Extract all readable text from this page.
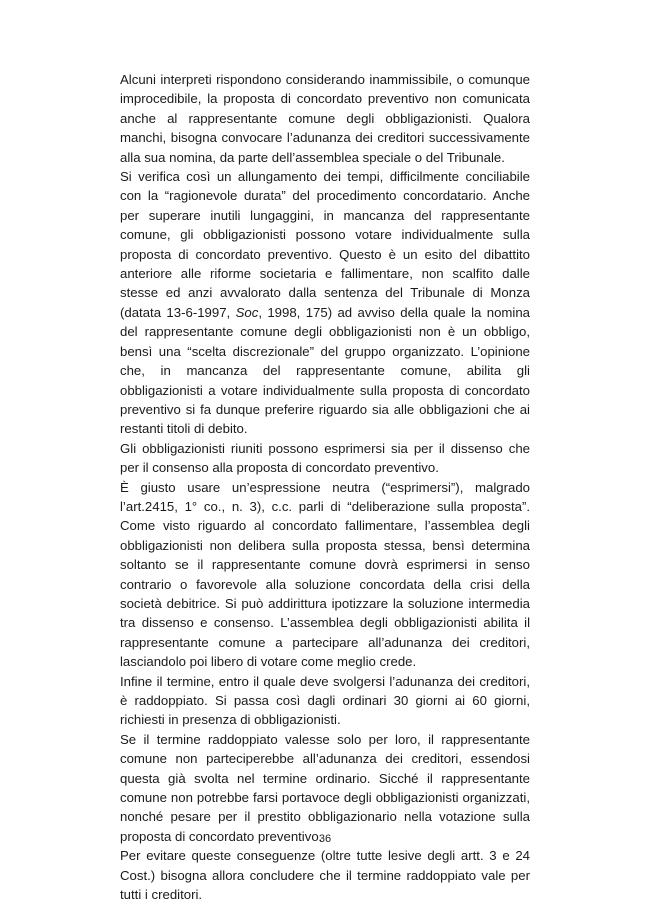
Alcuni interpreti rispondono considerando inammissibile, o comunque improcedibile, la proposta di concordato preventivo non comunicata anche al rappresentante comune degli obbligazionisti. Qualora manchi, bisogna convocare l’adunanza dei creditori successivamente alla sua nomina, da parte dell’assemblea speciale o del Tribunale.

Si verifica così un allungamento dei tempi, difficilmente conciliabile con la “ragionevole durata” del procedimento concordatario. Anche per superare inutili lungaggini, in mancanza del rappresentante comune, gli obbligazionisti possono votare individualmente sulla proposta di concordato preventivo. Questo è un esito del dibattito anteriore alle riforme societaria e fallimentare, non scalfito dalle stesse ed anzi avvalorato dalla sentenza del Tribunale di Monza (datata 13-6-1997, Soc, 1998, 175) ad avviso della quale la nomina del rappresentante comune degli obbligazionisti non è un obbligo, bensì una “scelta discrezionale” del gruppo organizzato. L’opinione che, in mancanza del rappresentante comune, abilita gli obbligazionisti a votare individualmente sulla proposta di concordato preventivo si fa dunque preferire riguardo sia alle obbligazioni che ai restanti titoli di debito.

Gli obbligazionisti riuniti possono esprimersi sia per il dissenso che per il consenso alla proposta di concordato preventivo.

È giusto usare un’espressione neutra (“esprimersi”), malgrado l’art.2415, 1° co., n. 3), c.c. parli di “deliberazione sulla proposta”. Come visto riguardo al concordato fallimentare, l’assemblea degli obbligazionisti non delibera sulla proposta stessa, bensì determina soltanto se il rappresentante comune dovrà esprimersi in senso contrario o favorevole alla soluzione concordata della crisi della società debitrice. Si può addirittura ipotizzare la soluzione intermedia tra dissenso e consenso. L’assemblea degli obbligazionisti abilita il rappresentante comune a partecipare all’adunanza dei creditori, lasciandolo poi libero di votare come meglio crede.

Infine il termine, entro il quale deve svolgersi l’adunanza dei creditori, è raddoppiato. Si passa così dagli ordinari 30 giorni ai 60 giorni, richiesti in presenza di obbligazionisti.

Se il termine raddoppiato valesse solo per loro, il rappresentante comune non parteciperebbe all’adunanza dei creditori, essendosi questa già svolta nel termine ordinario. Sicché il rappresentante comune non potrebbe farsi portavoce degli obbligazionisti organizzati, nonché pesare per il prestito obbligazionario nella votazione sulla proposta di concordato preventivo.

Per evitare queste conseguenze (oltre tutte lesive degli artt. 3 e 24 Cost.) bisogna allora concludere che il termine raddoppiato vale per tutti i creditori.

36
